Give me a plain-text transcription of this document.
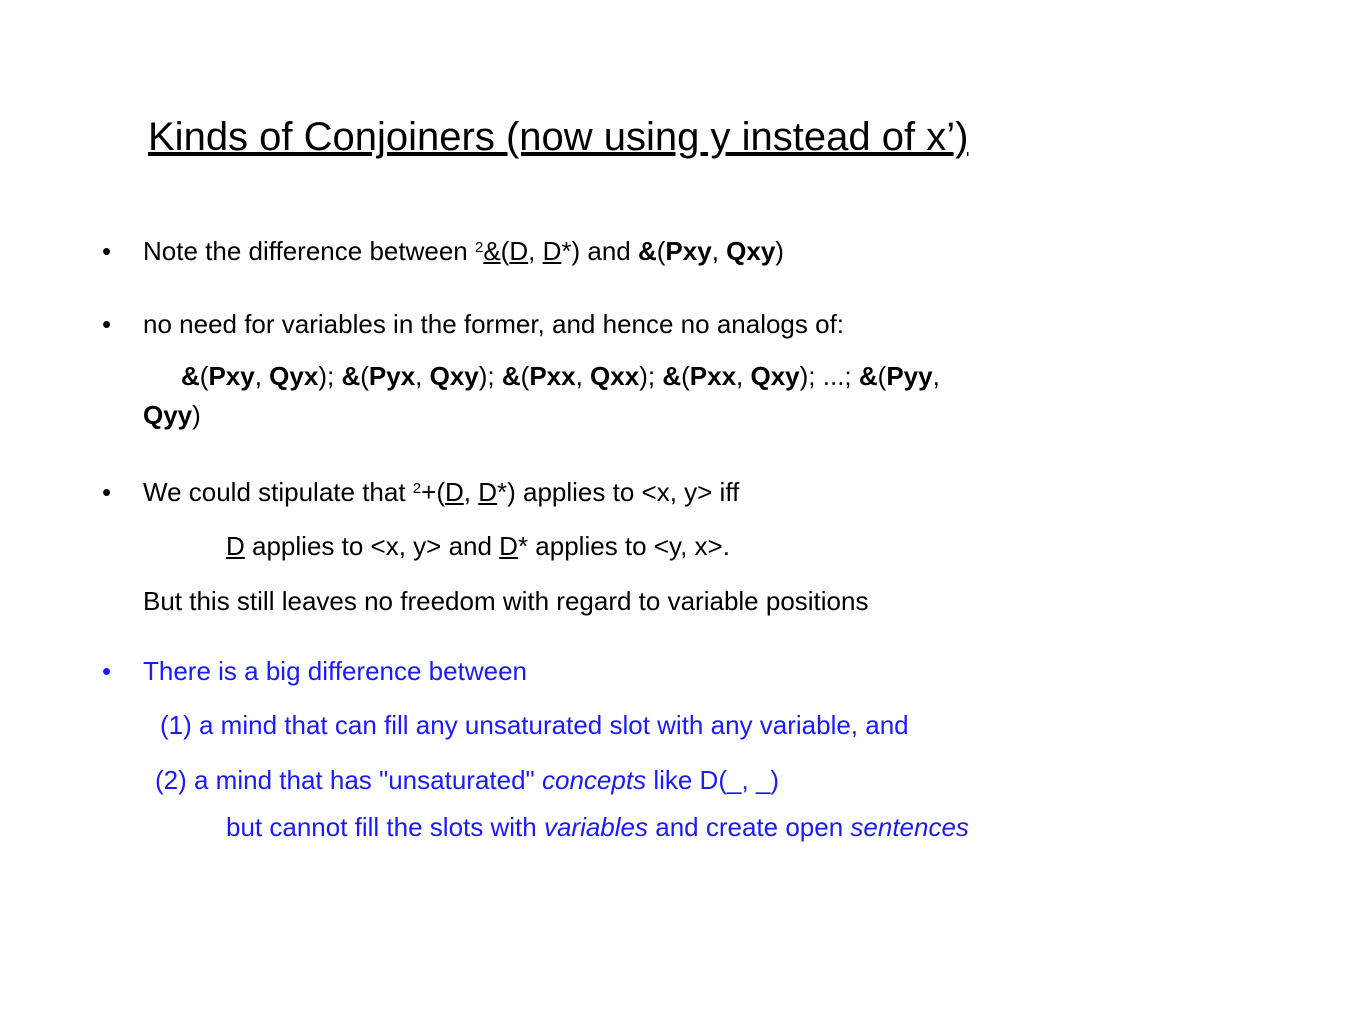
Kinds of Conjoiners (now using y instead of x’)
• Note the difference between $^2$&(D, D*) and &(Pxy, Qxy)
• no need for variables in the former, and hence no analogs of:
&(Pxy, Qyx); &(Pyx, Qxy); &(Pxx, Qxx); &(Pxx, Qxy); ...; &(Pyy,
Qyy)
• We could stipulate that $^2$+(D, D*) applies to <x, y> iff
D applies to <x, y> and D* applies to <y, x>.
But this still leaves no freedom with regard to variable positions
• There is a big difference between
(1) a mind that can fill any unsaturated slot with any variable, and
(2) a mind that has "unsaturated" concepts like D(_, _)
but cannot fill the slots with variables and create open sentences
